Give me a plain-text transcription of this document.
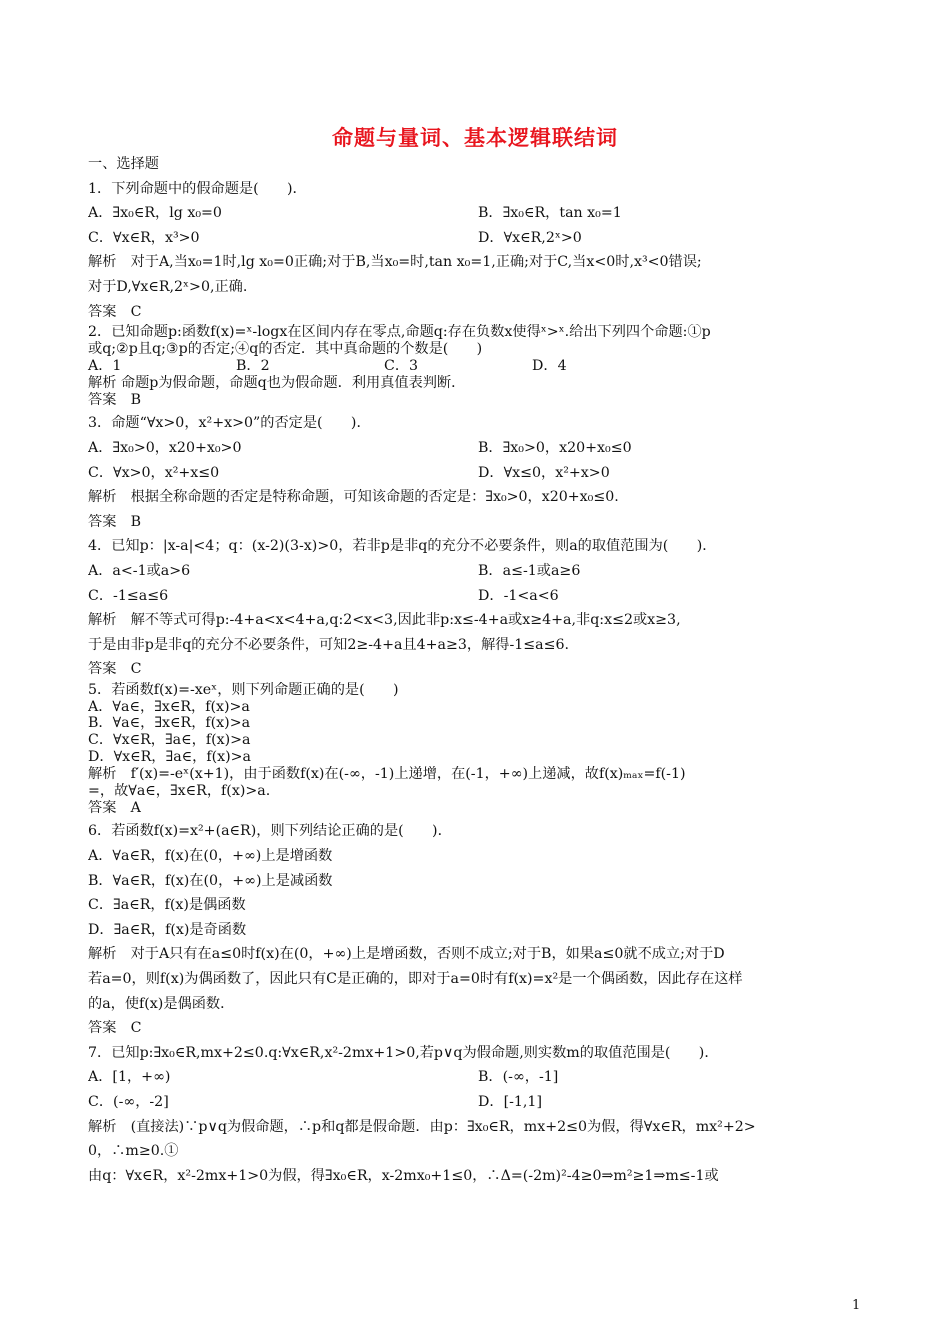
命题与量词、基本逻辑联结词
一、选择题
1．下列命题中的假命题是(　　)．
A．∃x₀∈R，lg x₀=0	B．∃x₀∈R，tan x₀=1
C．∀x∈R，x³>0	D．∀x∈R,2ˣ>0
解析　对于A,当x₀=1时,lg x₀=0正确;对于B,当x₀=时,tan x₀=1,正确;对于C,当x<0时,x³<0错误;
对于D,∀x∈R,2ˣ>0,正确.
答案　C
2．已知命题p:函数f(x)=ˣ-logx在区间内存在零点,命题q:存在负数x使得ˣ>ˣ.给出下列四个命题:①p
或q;②p且q;③p的否定;④q的否定．其中真命题的个数是(　　)
A．1	B．2	C．3	D．4
解析 命题p为假命题，命题q也为假命题．利用真值表判断．
答案　B
3．命题“∀x>0，x²+x>0”的否定是(　　)．
A．∃x₀>0，x20+x₀>0	B．∃x₀>0，x20+x₀≤0
C．∀x>0，x²+x≤0	D．∀x≤0，x²+x>0
解析　根据全称命题的否定是特称命题，可知该命题的否定是：∃x₀>0，x20+x₀≤0.
答案　B
4．已知p：|x-a|<4；q：(x-2)(3-x)>0，若非p是非q的充分不必要条件，则a的取值范围为(　　)．
A．a<-1或a>6	B．a≤-1或a≥6
C．-1≤a≤6	D．-1<a<6
解析　解不等式可得p:-4+a<x<4+a,q:2<x<3,因此非p:x≤-4+a或x≥4+a,非q:x≤2或x≥3,
于是由非p是非q的充分不必要条件，可知2≥-4+a且4+a≥3，解得-1≤a≤6.
答案　C
5．若函数f(x)=-xeˣ，则下列命题正确的是(　　)
A．∀a∈，∃x∈R，f(x)>a
B．∀a∈，∃x∈R，f(x)>a
C．∀x∈R，∃a∈，f(x)>a
D．∀x∈R，∃a∈，f(x)>a
解析　f′(x)=-eˣ(x+1)，由于函数f(x)在(-∞，-1)上递增，在(-1，+∞)上递减，故f(x)ₘₐₓ=f(-1)
=，故∀a∈，∃x∈R，f(x)>a.
答案　A
6．若函数f(x)=x²+(a∈R)，则下列结论正确的是(　　)．
A．∀a∈R，f(x)在(0，+∞)上是增函数
B．∀a∈R，f(x)在(0，+∞)上是减函数
C．∃a∈R，f(x)是偶函数
D．∃a∈R，f(x)是奇函数
解析　对于A只有在a≤0时f(x)在(0，+∞)上是增函数，否则不成立;对于B，如果a≤0就不成立;对于D
若a=0，则f(x)为偶函数了，因此只有C是正确的，即对于a=0时有f(x)=x²是一个偶函数，因此存在这样
的a，使f(x)是偶函数．
答案　C
7．已知p:∃x₀∈R,mx+2≤0.q:∀x∈R,x²-2mx+1>0,若p∨q为假命题,则实数m的取值范围是(　　)．
A．[1，+∞)	B．(-∞，-1]
C．(-∞，-2]	D．[-1,1]
解析　(直接法)∵p∨q为假命题，∴p和q都是假命题．由p：∃x₀∈R，mx+2≤0为假，得∀x∈R，mx²+2>
0，∴m≥0.①
由q：∀x∈R，x²-2mx+1>0为假，得∃x₀∈R，x-2mx₀+1≤0，∴Δ=(-2m)²-4≥0⇒m²≥1⇒m≤-1或
1
